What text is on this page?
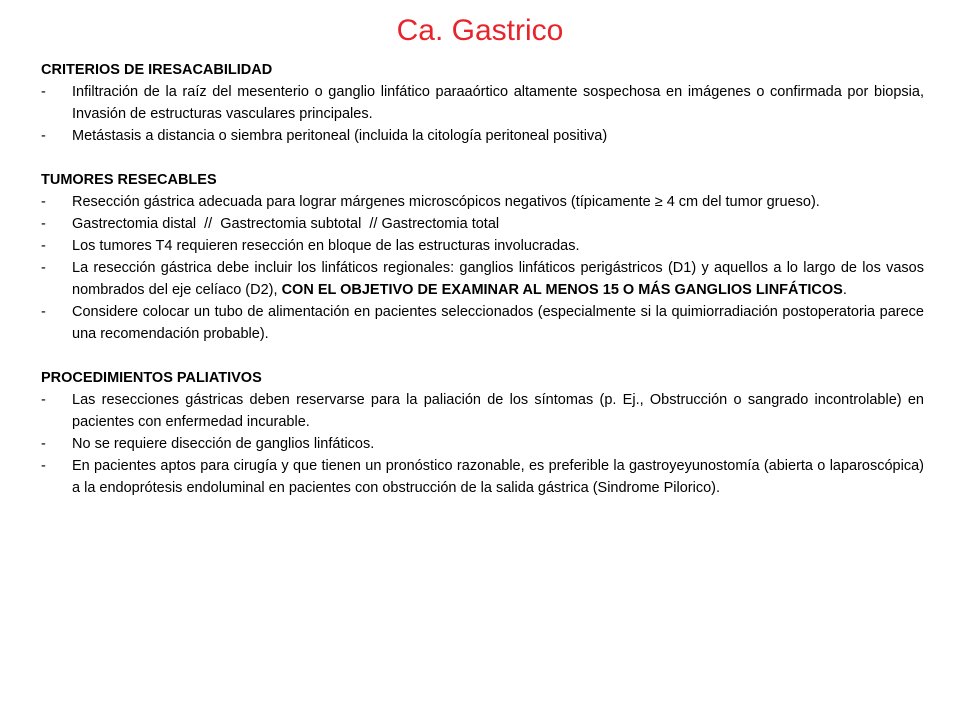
Ca. Gastrico
CRITERIOS DE IRESACABILIDAD
- Infiltración de la raíz del mesenterio o ganglio linfático paraaórtico altamente sospechosa en imágenes o confirmada por biopsia, Invasión de estructuras vasculares principales.
- Metástasis a distancia o siembra peritoneal (incluida la citología peritoneal positiva)
TUMORES RESECABLES
- Resección gástrica adecuada para lograr márgenes microscópicos negativos (típicamente ≥ 4 cm del tumor grueso).
- Gastrectomia distal  //  Gastrectomia subtotal  // Gastrectomia total
- Los tumores T4 requieren resección en bloque de las estructuras involucradas.
- La resección gástrica debe incluir los linfáticos regionales: ganglios linfáticos perigástricos (D1) y aquellos a lo largo de los vasos nombrados del eje celíaco (D2), CON EL OBJETIVO DE EXAMINAR AL MENOS 15 O MÁS GANGLIOS LINFÁTICOS.
- Considere colocar un tubo de alimentación en pacientes seleccionados (especialmente si la quimiorradiación postoperatoria parece una recomendación probable).
PROCEDIMIENTOS PALIATIVOS
- Las resecciones gástricas deben reservarse para la paliación de los síntomas (p. Ej., Obstrucción o sangrado incontrolable) en pacientes con enfermedad incurable.
- No se requiere disección de ganglios linfáticos.
- En pacientes aptos para cirugía y que tienen un pronóstico razonable, es preferible la gastroyeyunostomía (abierta o laparoscópica) a la endoprótesis endoluminal en pacientes con obstrucción de la salida gástrica (Sindrome Pilorico).
